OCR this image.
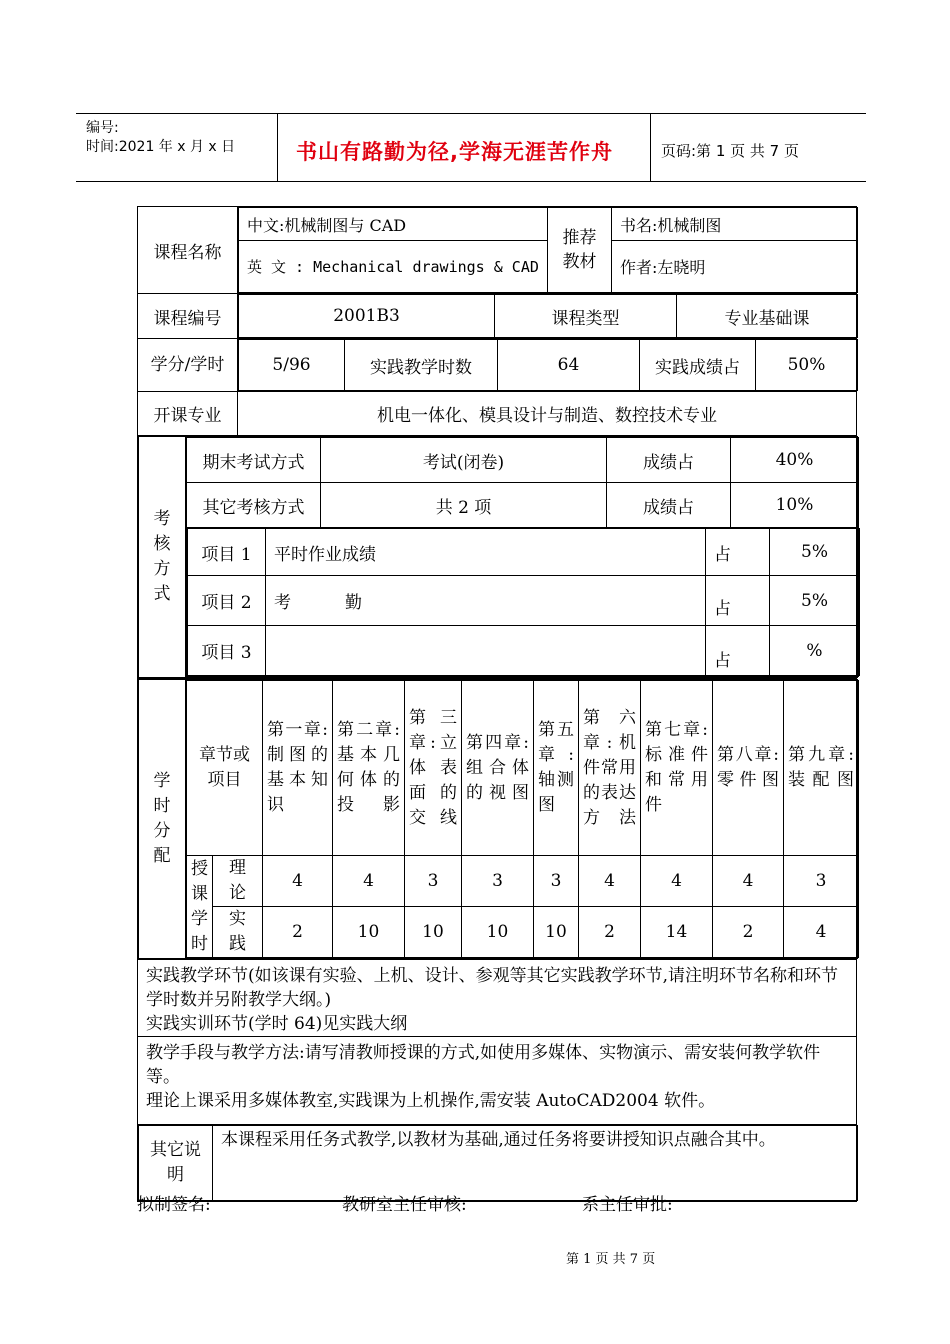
编号:
时间:2021 年 x 月 x 日	书山有路勤为径,学海无涯苦作舟	页码:第 1 页 共 7 页
课程名称	
中文:机械制图与 CAD	推荐教材	书名:机械制图
英 文 : Mechanical drawings & CAD	作者:左晓明

课程编号		2001B3	课程类型	专业基础课

学分/学时		5/96	实践教学时数	64	实践成绩占	50%

开课专业	机电一体化、模具设计与制造、数控技术专业

考核方式	
期末考试方式	考试(闭卷)	成绩占	40%
其它考核方式	共 2 项	成绩占	10%

项目 1	平时作业成绩	占	5%
项目 2	考          勤	占	5%
项目 3		占	%

学时分配	
章节或项目	第一章:制图的基本知识	第二章:基本几何体的投影	第三章:立体表面的交线	第四章:组合体的视图	第五章:轴测图	第六章:机件常用的表达方法	第七章:标准件和常用件	第八章:零件图	第九章:装配图
授课学时	理论	4	4	3	3	3	4	4	4	3
实践	2	10	10	10	10	2	14	2	4

实践教学环节(如该课有实验、上机、设计、参观等其它实践教学环节,请注明环节名称和环节学时数并另附教学大纲。)
实践实训环节(学时 64)见实践大纲

教学手段与教学方法:请写清教师授课的方式,如使用多媒体、实物演示、需安装何教学软件等。
理论上课采用多媒体教室,实践课为上机操作,需安装 AutoCAD2004 软件。

其它说明	本课程采用任务式教学,以教材为基础,通过任务将要讲授知识点融合其中。
拟制签名:	教研室主任审核:	系主任审批:
第 1 页 共 7 页
